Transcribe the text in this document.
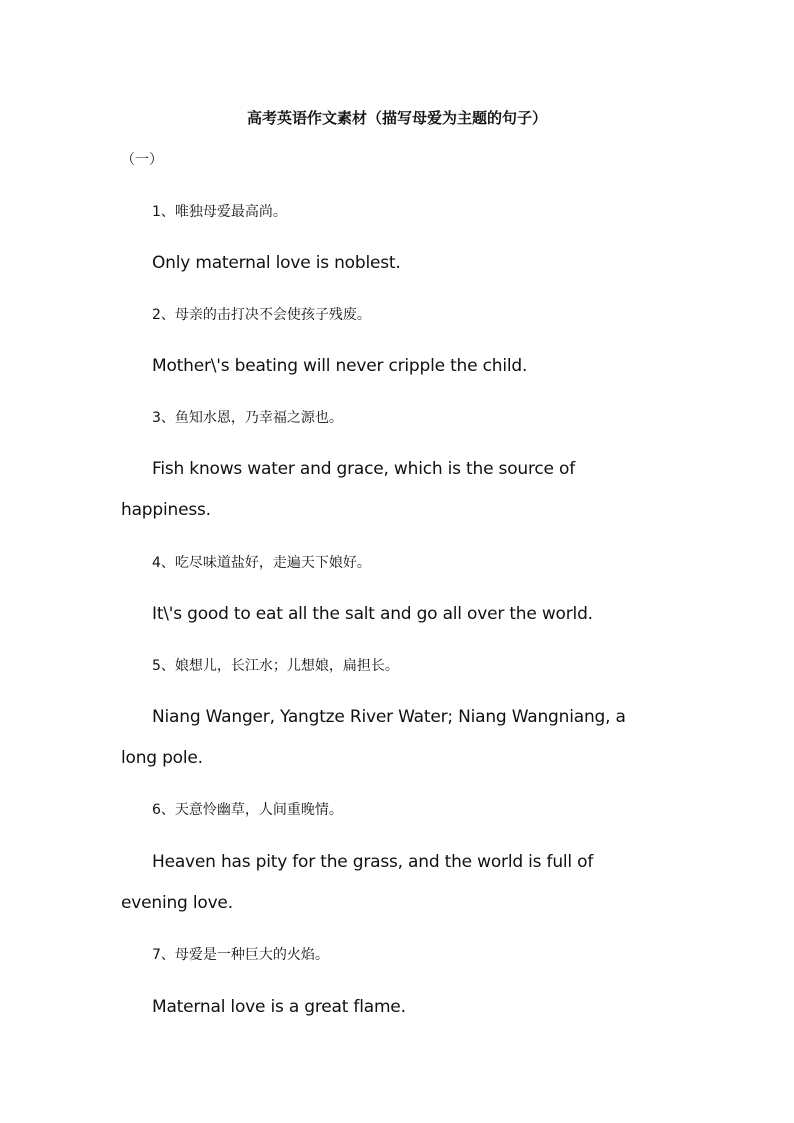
高考英语作文素材（描写母爱为主题的句子）
（一）
1、唯独母爱最高尚。
Only maternal love is noblest.
2、母亲的击打决不会使孩子残废。
Mother\'s beating will never cripple the child.
3、鱼知水恩，乃幸福之源也。
Fish knows water and grace, which is the source of
happiness.
4、吃尽味道盐好，走遍天下娘好。
It\'s good to eat all the salt and go all over the world.
5、娘想儿，长江水；儿想娘，扁担长。
Niang Wanger, Yangtze River Water; Niang Wangniang, a
long pole.
6、天意怜幽草，人间重晚情。
Heaven has pity for the grass, and the world is full of
evening love.
7、母爱是一种巨大的火焰。
Maternal love is a great flame.
